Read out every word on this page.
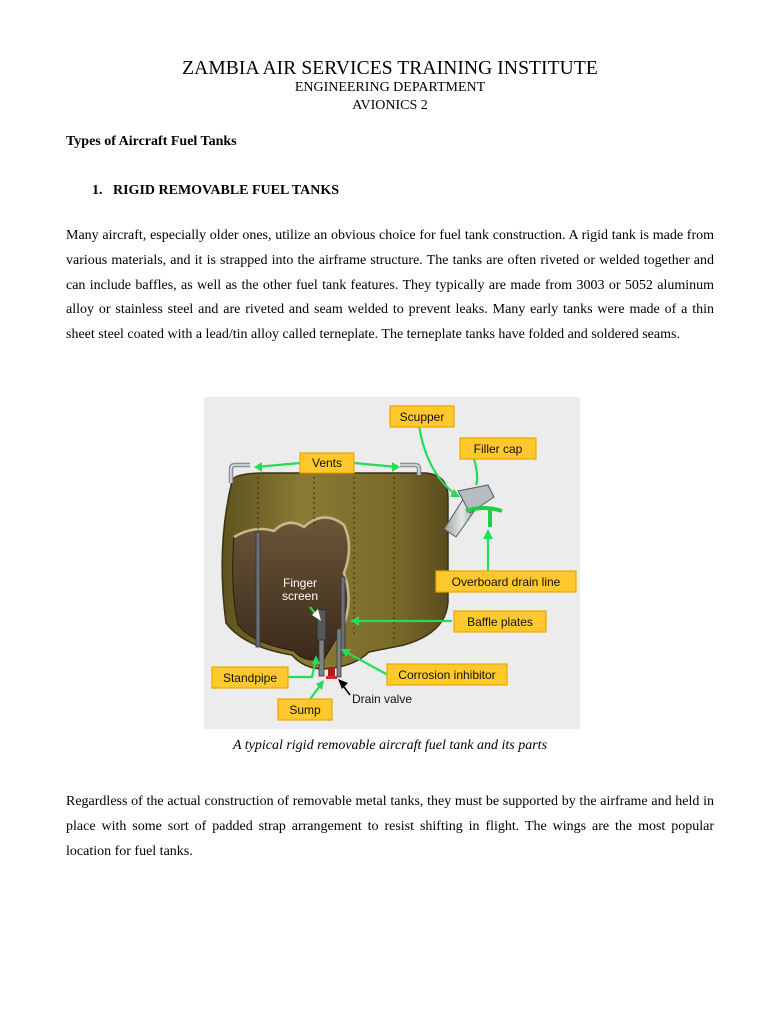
ZAMBIA AIR SERVICES TRAINING INSTITUTE
ENGINEERING DEPARTMENT
AVIONICS 2
Types of Aircraft Fuel Tanks
1. RIGID REMOVABLE FUEL TANKS
Many aircraft, especially older ones, utilize an obvious choice for fuel tank construction. A rigid tank is made from various materials, and it is strapped into the airframe structure. The tanks are often riveted or welded together and can include baffles, as well as the other fuel tank features. They typically are made from 3003 or 5052 aluminum alloy or stainless steel and are riveted and seam welded to prevent leaks. Many early tanks were made of a thin sheet steel coated with a lead/tin alloy called terneplate. The terneplate tanks have folded and soldered seams.
Scupper
Filler cap
Vents
Overboard drain line
Baffle plates
Standpipe	Corrosion inhibitor
Sump
Finger
screen
Drain valve
A typical rigid removable aircraft fuel tank and its parts
Regardless of the actual construction of removable metal tanks, they must be supported by the airframe and held in place with some sort of padded strap arrangement to resist shifting in flight. The wings are the most popular location for fuel tanks.
